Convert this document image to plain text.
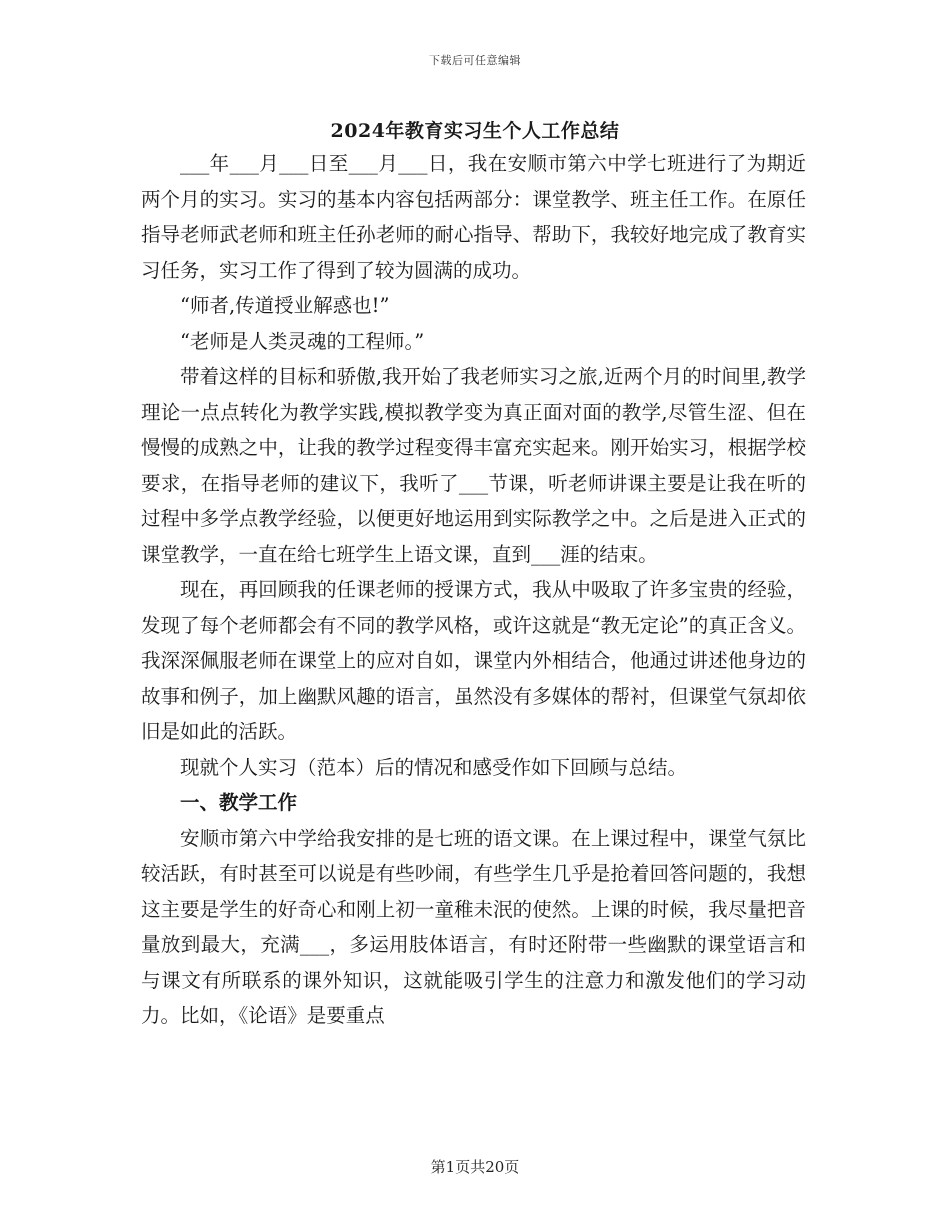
下载后可任意编辑
2024年教育实习生个人工作总结

___年___月___日至___月___日，我在安顺市第六中学七班进行了为期近两个月的实习。实习的基本内容包括两部分：课堂教学、班主任工作。在原任指导老师武老师和班主任孙老师的耐心指导、帮助下，我较好地完成了教育实习任务，实习工作了得到了较为圆满的成功。

“师者,传道授业解惑也!”

“老师是人类灵魂的工程师。”

带着这样的目标和骄傲,我开始了我老师实习之旅,近两个月的时间里,教学理论一点点转化为教学实践,模拟教学变为真正面对面的教学,尽管生涩、但在慢慢的成熟之中，让我的教学过程变得丰富充实起来。刚开始实习，根据学校要求，在指导老师的建议下，我听了___节课，听老师讲课主要是让我在听的过程中多学点教学经验，以便更好地运用到实际教学之中。之后是进入正式的课堂教学，一直在给七班学生上语文课，直到___涯的结束。

现在，再回顾我的任课老师的授课方式，我从中吸取了许多宝贵的经验，发现了每个老师都会有不同的教学风格，或许这就是“教无定论”的真正含义。我深深佩服老师在课堂上的应对自如，课堂内外相结合，他通过讲述他身边的故事和例子，加上幽默风趣的语言，虽然没有多媒体的帮衬，但课堂气氛却依旧是如此的活跃。

现就个人实习（范本）后的情况和感受作如下回顾与总结。

一、教学工作

安顺市第六中学给我安排的是七班的语文课。在上课过程中，课堂气氛比较活跃，有时甚至可以说是有些吵闹，有些学生几乎是抢着回答问题的，我想这主要是学生的好奇心和刚上初一童稚未泯的使然。上课的时候，我尽量把音量放到最大，充满___，多运用肢体语言，有时还附带一些幽默的课堂语言和与课文有所联系的课外知识，这就能吸引学生的注意力和激发他们的学习动力。比如，《论语》是要重点

第1页共20页
